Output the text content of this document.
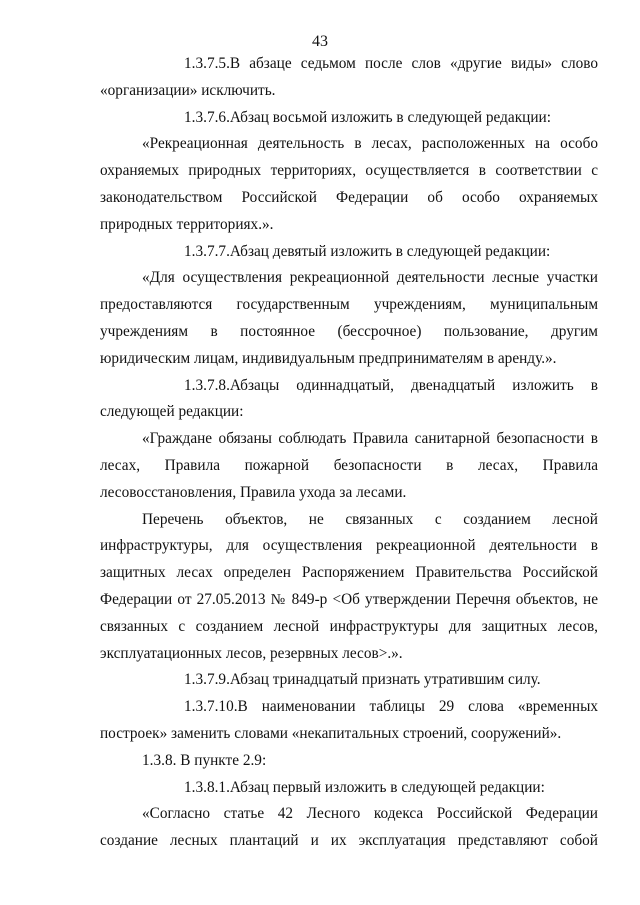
43

1.3.7.5.В абзаце седьмом после слов «другие виды» слово «организации» исключить.

1.3.7.6.Абзац восьмой изложить в следующей редакции:

«Рекреационная деятельность в лесах, расположенных на особо охраняемых природных территориях, осуществляется в соответствии с законодательством Российской Федерации об особо охраняемых природных территориях.».

1.3.7.7.Абзац девятый изложить в следующей редакции:

«Для осуществления рекреационной деятельности лесные участки предоставляются государственным учреждениям, муниципальным учреждениям в постоянное (бессрочное) пользование, другим юридическим лицам, индивидуальным предпринимателям в аренду.».

1.3.7.8.Абзацы одиннадцатый, двенадцатый изложить в следующей редакции:

«Граждане обязаны соблюдать Правила санитарной безопасности в лесах, Правила пожарной безопасности в лесах, Правила лесовосстановления, Правила ухода за лесами.

Перечень объектов, не связанных с созданием лесной инфраструктуры, для осуществления рекреационной деятельности в защитных лесах определен Распоряжением Правительства Российской Федерации от 27.05.2013 № 849-р <Об утверждении Перечня объектов, не связанных с созданием лесной инфраструктуры для защитных лесов, эксплуатационных лесов, резервных лесов>.».

1.3.7.9.Абзац тринадцатый признать утратившим силу.

1.3.7.10.В наименовании таблицы 29 слова «временных построек» заменить словами «некапитальных строений, сооружений».

1.3.8. В пункте 2.9:

1.3.8.1.Абзац первый изложить в следующей редакции:

«Согласно статье 42 Лесного кодекса Российской Федерации создание лесных плантаций и их эксплуатация представляют собой
